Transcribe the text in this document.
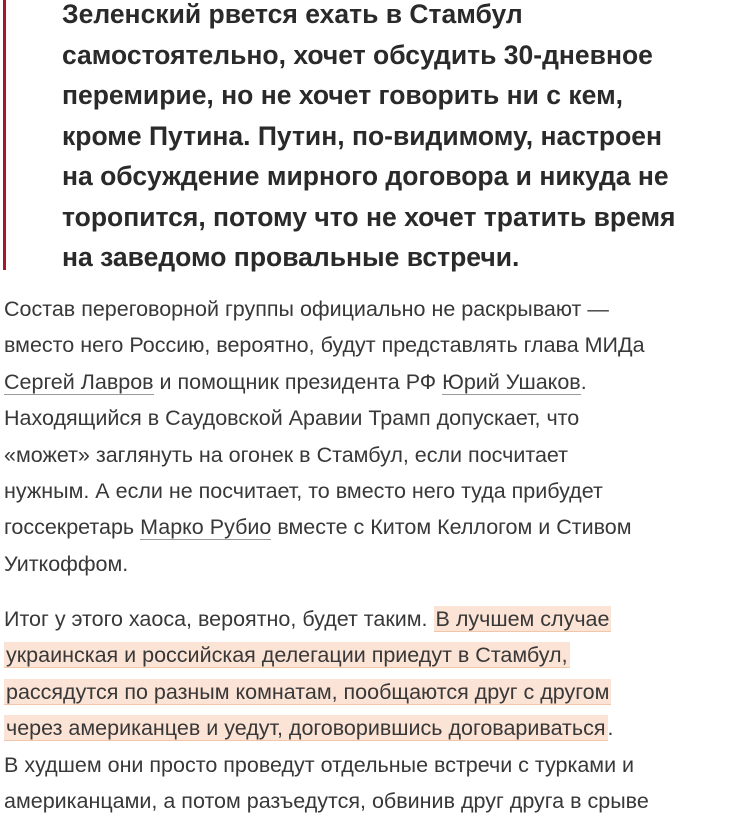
Зеленский рвется ехать в Стамбул
самостоятельно, хочет обсудить 30-дневное
перемирие, но не хочет говорить ни с кем,
кроме Путина. Путин, по-видимому, настроен
на обсуждение мирного договора и никуда не
торопится, потому что не хочет тратить время
на заведомо провальные встречи.

Состав переговорной группы официально не раскрывают —
вместо него Россию, вероятно, будут представлять глава МИДа
Сергей Лавров и помощник президента РФ Юрий Ушаков.
Находящийся в Саудовской Аравии Трамп допускает, что
«может» заглянуть на огонек в Стамбул, если посчитает
нужным. А если не посчитает, то вместо него туда прибудет
госсекретарь Марко Рубио вместе с Китом Келлогом и Стивом
Уиткоффом.

Итог у этого хаоса, вероятно, будет таким. В лучшем случае
украинская и российская делегации приедут в Стамбул,
рассядутся по разным комнатам, пообщаются друг с другом
через американцев и уедут, договорившись договариваться.
В худшем они просто проведут отдельные встречи с турками и
американцами, а потом разъедутся, обвинив друг друга в срыве
